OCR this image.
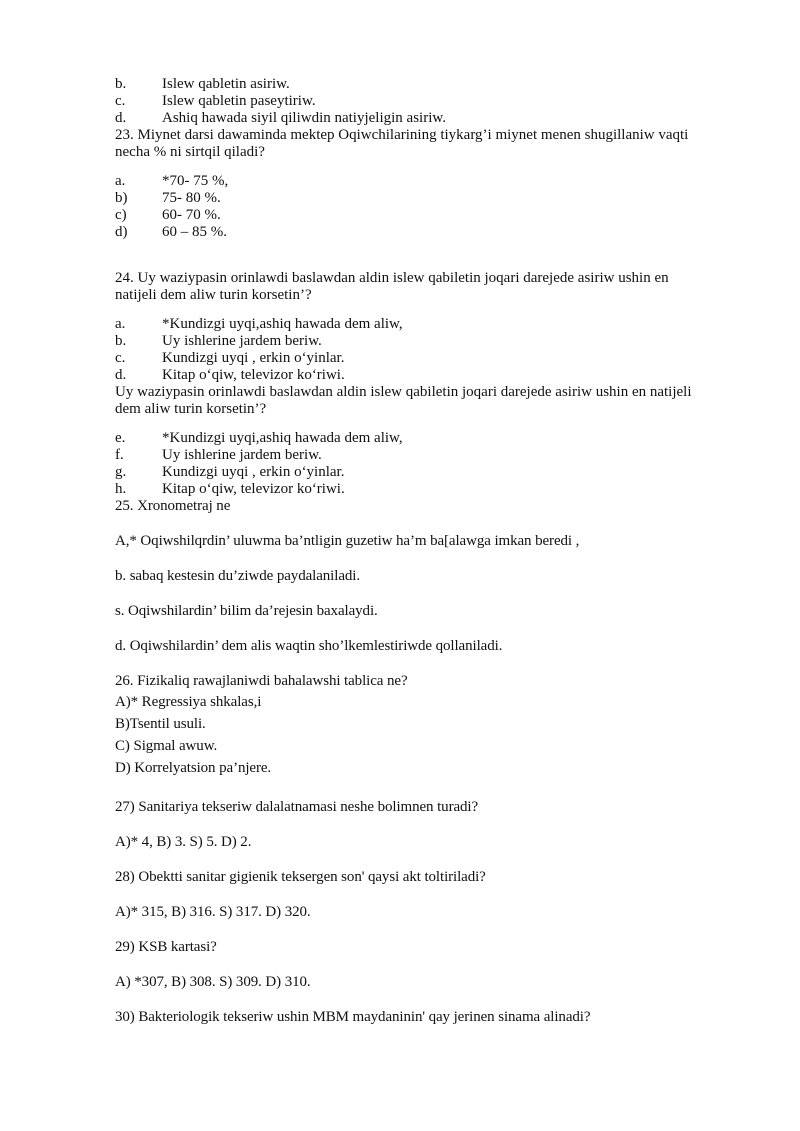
b. Islew qabletin asiriw.
c. Islew qabletin paseytiriw.
d. Ashiq hawada siyil qiliwdin natiyjeligin asiriw.
23. Miynet darsi dawaminda mektep Oqiwchilarining tiykarg’i miynet menen shugillaniw vaqti
necha % ni sirtqil qiladi?
a. *70- 75 %,
b) 75- 80 %.
c) 60- 70 %.
d) 60 – 85 %.
24. Uy waziypasin orinlawdi baslawdan aldin islew qabiletin joqari darejede asiriw ushin en
natijeli dem aliw turin korsetin’?
a. *Kundizgi uyqi,ashiq hawada dem aliw,
b. Uy ishlerine jardem beriw.
c. Kundizgi uyqi , erkin o‘yinlar.
d. Kitap o‘qiw, televizor ko‘riwi.
Uy waziypasin orinlawdi baslawdan aldin islew qabiletin joqari darejede asiriw ushin en natijeli
dem aliw turin korsetin’?
e. *Kundizgi uyqi,ashiq hawada dem aliw,
f.	Uy ishlerine jardem beriw.
g. Kundizgi uyqi , erkin o‘yinlar.
h. Kitap o‘qiw, televizor ko‘riwi.
25. Xronometraj ne
A,* Oqiwshilqrdin’ uluwma ba’ntligin guzetiw ha’m ba[alawga imkan beredi ,
b. sabaq kestesin du’ziwde paydalaniladi.
s. Oqiwshilardin’ bilim da’rejesin baxalaydi.
d. Oqiwshilardin’ dem alis waqtin sho’lkemlestiriwde qollaniladi.
26. Fizikaliq rawajlaniwdi bahalawshi tablica ne?
A)* Regressiya shkalas,i
B)Tsentil usuli.
C) Sigmal awuw.
D) Korrelyatsion pa’njere.
27) Sanitariya tekseriw dalalatnamasi neshe bolimnen turadi?
A)* 4, B) 3. S) 5. D) 2.
28) Obektti sanitar gigienik teksergen son' qaysi akt toltiriladi?
A)* 315, B) 316. S) 317. D) 320.
29) KSB kartasi?
A) *307, B) 308. S) 309. D) 310.
30) Bakteriologik tekseriw ushin MBM maydaninin' qay jerinen sinama alinadi?
